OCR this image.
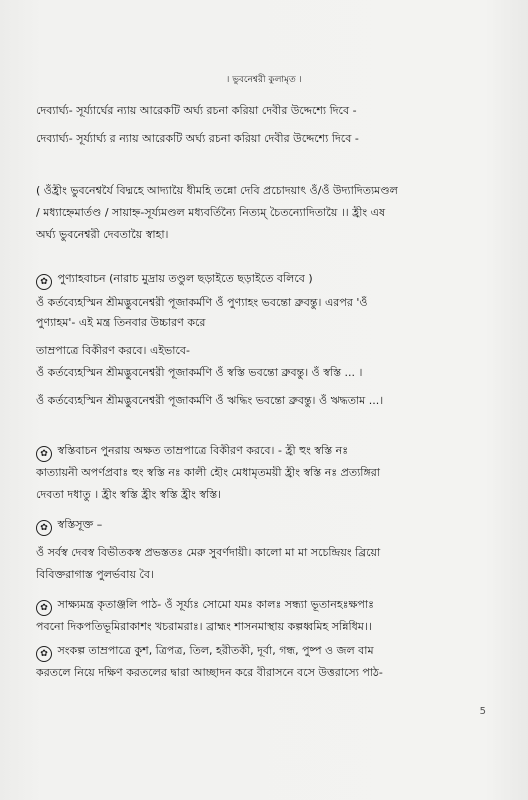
। ভুবনেশ্বরী কুলামৃত ।
দেব্যার্ঘ্য- সূর্য্যার্ঘের ন্যায় আরেকটি অর্ঘ্য রচনা করিয়া দেবীর উদ্দেশ্যে দিবে -
দেব্যার্ঘ্য- সূর্য্যার্ঘ্য র ন্যায় আরেকটি অর্ঘ্য রচনা করিয়া দেবীর উদ্দেশ্যে দিবে -
( ওঁহ্রীং ভুবনেশ্বর্যৈ বিদ্মহে আদ্যায়ৈ ধীমহি তন্নো দেবি প্রচোদয়াৎ ওঁ/ওঁ উদ্যাদিত্যমণ্ডল
/ মধ্যাহ্নেমার্তণ্ড / সায়াহ্ন-সূর্য্যমণ্ডল মধ্যবর্তিন্যৈ নিত্যম্ চৈতন্যোদিতায়ৈ ।। হ্রীং এষ
অর্ঘ্য ভুবনেশ্বরী দেবতায়ৈ স্বাহা।
✿ পুণ্যাহবাচন (নারাচ মুদ্রায় তণ্ডুল ছড়াইতে ছড়াইতে বলিবে )
ওঁ কর্তব্যেহস্মিন শ্রীমদ্ভুবনেশ্বরী পূজাকর্মণি ওঁ পুণ্যাহং ভবন্তো ব্রুবন্তু। এরপর 'ওঁ
পুণ্যাহম'- এই মন্ত্র তিনবার উচ্চারণ করে
তাম্রপাত্রে বিকীরণ করবে। এইভাবে-
ওঁ কর্তব্যেহস্মিন শ্রীমদ্ভুবনেশ্বরী পূজাকর্মণি ওঁ স্বস্তি ভবন্তো ব্রুবন্তু। ওঁ স্বস্তি ... ।
ওঁ কর্তব্যেহস্মিন শ্রীমদ্ভুবনেশ্বরী পূজাকর্মণি ওঁ ঋদ্ধিং ভবন্তো ব্রুবন্তু। ওঁ ঋদ্ধতাম ...।
✿ স্বস্তিবাচন পুনরায় অক্ষত তাম্রপাত্রে বিকীরণ করবে। - হ্রী হুং স্বস্তি নঃ
কাত্যায়নী অপর্ণপ্রবাঃ হুং স্বস্তি নঃ কালী হৌং মেধামৃতময়ী হ্রীং স্বস্তি নঃ প্রত্যঙ্গিরা
দেবতা দধাতু । হ্রীং স্বস্তি হ্রীং স্বস্তি হ্রীং স্বস্তি।
✿ স্বস্তিসূক্ত –
ওঁ সর্বস্ব দেবস্ব বিভীতকস্ব প্রভস্ততঃ মেরু সুবর্ণদায়ী। কালো মা মা সচেন্দ্রিয়ং ব্রিয়ো
বিবিক্তরাগাস্ত পুলর্ভবায় বৈ।
✿ সাক্ষ্যমন্ত্র কৃতাঞ্জলি পাঠ- ওঁ সূর্য্যঃ সোমো যমঃ কালঃ সন্ধ্যা ভূতানহঃক্ষপাঃ
পবনো দিকপতিভূমিরাকাশং খচরামরাঃ। ব্রাহ্মং শাসনমাস্থায় কল্পধ্বমিহ সন্নিধিম।।
✿ সংকল্প তাম্রপাত্রে কুশ, ত্রিপত্র, তিল, হরীতকী, দূর্বা, গন্ধ, পুষ্প ও জল বাম
করতলে নিয়ে দক্ষিণ করতলের দ্বারা আচ্ছাদন করে বীরাসনে বসে উত্তরাস্যে পাঠ-
5
